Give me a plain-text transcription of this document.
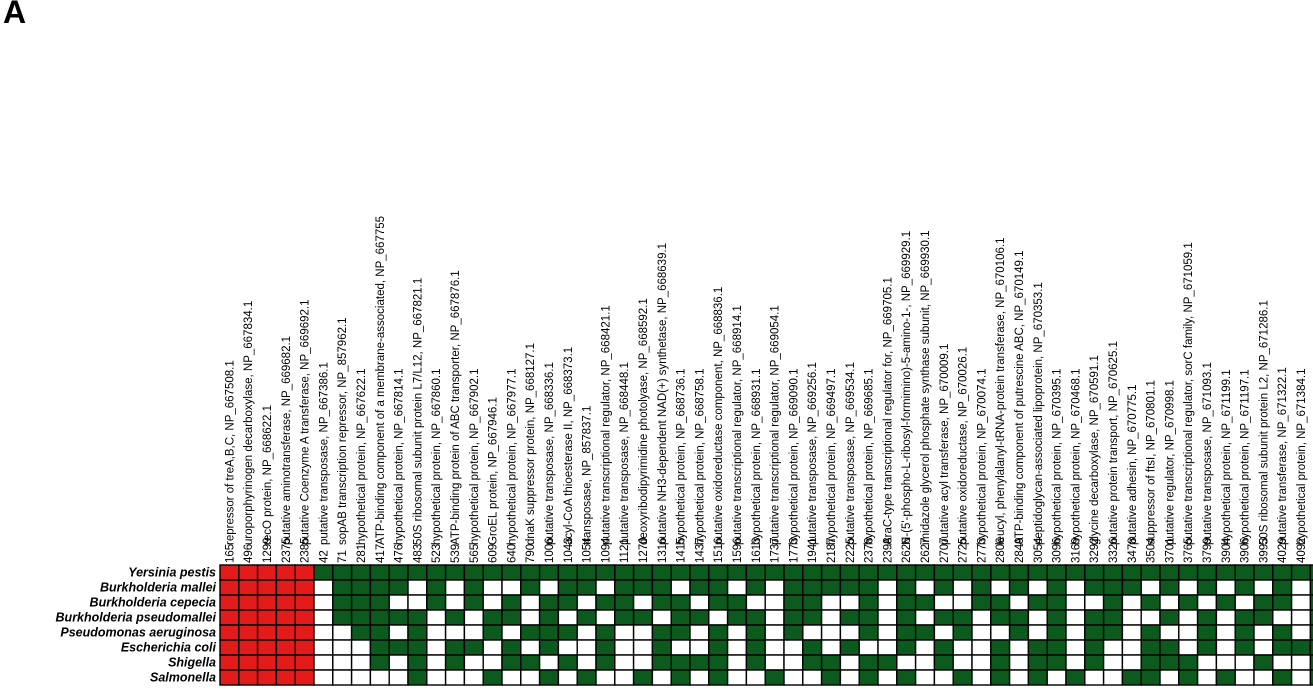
A
repressor of treA,B,C, NP_667508.1 uroporphyrinogen decarboxylase, NP_667834.1 recO protein, NP_668622.1 putative aminotransferase, NP_669682.1 putative Coenzyme A transferase, NP_669692.1 putative transposase, NP_667386.1 sopAB transcription repressor, NP_857962.1 hypothetical protein, NP_667622.1 ATP-binding component of a membrane-associated, NP_667755 hypothetical protein, NP_667814.1 50S ribosomal subunit protein L7/L12, NP_667821.1 hypothetical protein, NP_667860.1 ATP-binding protein of ABC transporter, NP_667876.1 hypothetical protein, NP_667902.1 GroEL protein, NP_667946.1 hypothetical protein, NP_667977.1 dnaK suppressor protein, NP_668127.1 putative transposase, NP_668336.1 acyl-CoA thioesterase II, NP_668373.1 transposase, NP_857837.1 putative transcriptional regulator, NP_668421.1 putative transposase, NP_668448.1 deoxyribodipyrimidine photolyase, NP_668592.1 putative NH3-dependent NAD(+) synthetase, NP_668639.1 hypothetical protein, NP_668736.1 hypothetical protein, NP_668758.1 putative oxidoreductase component, NP_668836.1 putative transcriptional regulator, NP_668914.1 hypothetical protein, NP_668931.1 putative transcriptional regulator, NP_669054.1 hypothetical protein, NP_669090.1 putative transposase, NP_669256.1 hypothetical protein, NP_669497.1 putative transposase, NP_669534.1 hypothetical protein, NP_669685.1 AraC-type transcriptional regulator for, NP_669705.1 N-(5'-phospho-L-ribosyl-formimino)-5-amino-1-, NP_669929.1 imidazole glycerol phosphate synthase subunit, NP_669930.1 putative acyl transferase, NP_670009.1 putative oxidoreductase, NP_670026.1 hypothetical protein, NP_670074.1 leucyl, phenylalanyl-tRNA-protein transferase, NP_670106.1 ATP-binding component of putrescine ABC, NP_670149.1 peptidoglycan-associated lipoprotein, NP_670353.1 hypothetical protein, NP_670395.1 hypothetical protein, NP_670468.1 glycine decarboxylase, NP_670591.1 putative protein transport, NP_670625.1 putative adhesin, NP_670775.1 suppressor of ftsI, NP_670801.1 putative regulator, NP_670998.1 putative transcriptional regulator, sorC family, NP_671059.1 putative transposase, NP_671093.1 hypothetical protein, NP_671199.1 hypothetical protein, NP_671197.1 50S ribosomal subunit protein L2, NP_671286.1 putative transferase, NP_671322.1 hypothetical protein, NP_671384.1
165 496 1299 2375 2385 42 71 281 417 476 483 523 539 565 609 640 790 1006 1043 1054 1094 1121 1270 1316 1415 1437 1516 1596 1613 1737 1773 1941 2187 2225 2378 2398 2626 2627 2707 2725 2773 2806 2849 3054 3096 3169 3292 3326 3478 3504 3701 3765 3799 3904 3906 3993 4029 4092
Yersinia pestis
Burkholderia mallei
Burkholderia cepecia
Burkholderia pseudomallei
Pseudomonas aeruginosa
Escherichia coli
Shigella
Salmonella
